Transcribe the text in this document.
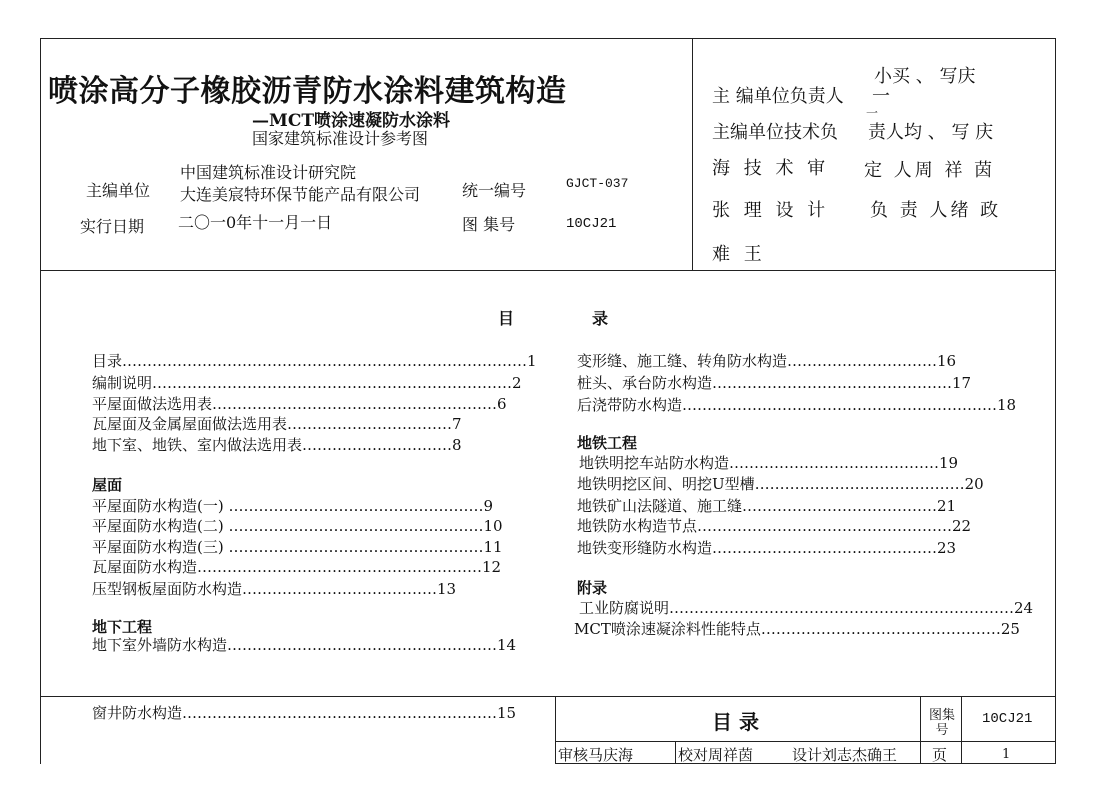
喷涂高分子橡胶沥青防水涂料建筑构造
—MCT喷涂速凝防水涂料
国家建筑标准设计参考图
主编单位
中国建筑标准设计研究院
大连美宸特环保节能产品有限公司	统一编号	GJCT-037
实行日期 二〇一0年十一月一日	图 集号	10CJ21
主 编单位负责人
小买 、 写庆
一
主编单位技术负 责人均 、 写 庆
一
海 技 术 审 定 人周 祥 茵
张 理 设 计 负 责 人绪 政
难 王
目	录
目录………………………………………………………………………1
编制说明………………………………………………………………2
平屋面做法选用表…………………………………………………6
瓦屋面及金属屋面做法选用表……………………………7
地下室、地铁、室内做法选用表…………………………8
屋面
平屋面防水构造(一) ……………………………………………9
平屋面防水构造(二) ……………………………………………10
平屋面防水构造(三) ……………………………………………11
瓦屋面防水构造…………………………………………………12
压型钢板屋面防水构造…………………………………13
地下工程
地下室外墙防水构造………………………………………………14
变形缝、施工缝、转角防水构造…………………………16
桩头、承台防水构造…………………………………………17
后浇带防水构造………………………………………………………18
地铁工程
地铁明挖车站防水构造……………………………………19
地铁明挖区间、明挖U型槽……………………………………20
地铁矿山法隧道、施工缝…………………………………21
地铁防水构造节点……………………………………………22
地铁变形缝防水构造………………………………………23
附录
工业防腐说明……………………………………………………………24
MCT喷涂速凝涂料性能特点…………………………………………25
窗井防水构造………………………………………………………15	目 录	图集号
10CJ21
审核马庆海	校对周祥茵	设计刘志杰确王 页	1
